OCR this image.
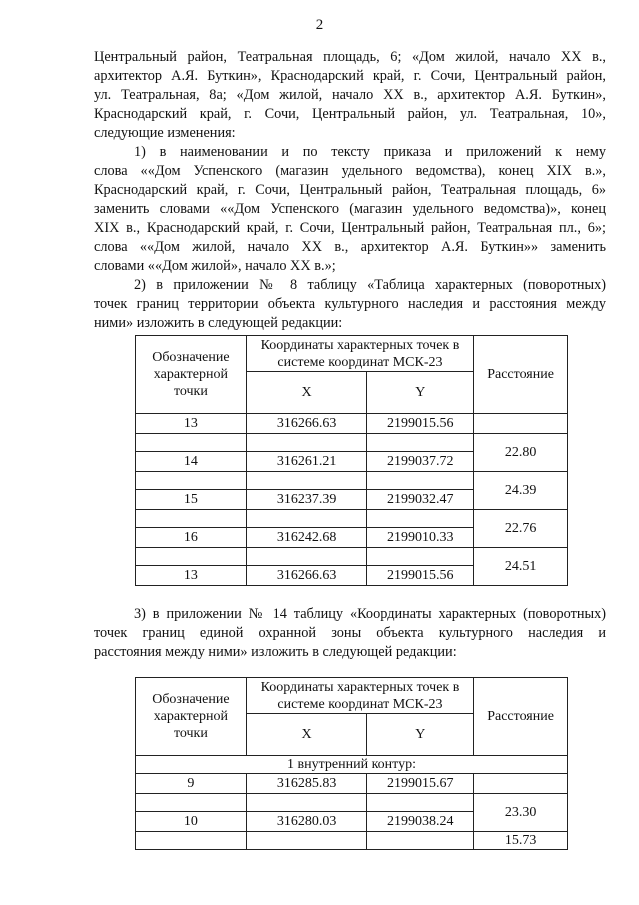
2
Центральный район, Театральная площадь, 6; «Дом жилой, начало XX в.,
архитектор А.Я. Буткин», Краснодарский край, г. Сочи, Центральный район,
ул. Театральная, 8а; «Дом жилой, начало XX в., архитектор А.Я. Буткин»,
Краснодарский край, г. Сочи, Центральный район, ул. Театральная, 10»,
следующие изменения:
1) в наименовании и по тексту приказа и приложений к нему
слова ««Дом Успенского (магазин удельного ведомства), конец XIX в.»,
Краснодарский край, г. Сочи, Центральный район, Театральная площадь, 6»
заменить словами ««Дом Успенского (магазин удельного ведомства)», конец
XIX в., Краснодарский край, г. Сочи, Центральный район, Театральная пл., 6»;
слова ««Дом жилой, начало XX в., архитектор А.Я. Буткин»» заменить
словами ««Дом жилой», начало XX в.»;
2) в приложении № 8 таблицу «Таблица характерных (поворотных)
точек границ территории объекта культурного наследия и расстояния между
ними» изложить в следующей редакции:
Обозначение характерной точки	Координаты характерных точек в системе координат МСК-23		Расстояние
	X	Y	
13	316266.63	2199015.56	
			22.80
14	316261.21	2199037.72	
			24.39
15	316237.39	2199032.47	
			22.76
16	316242.68	2199010.33	
			24.51
13	316266.63	2199015.56	
3) в приложении № 14 таблицу «Координаты характерных (поворотных)
точек границ единой охранной зоны объекта культурного наследия и
расстояния между ними» изложить в следующей редакции:
Обозначение характерной точки	Координаты характерных точек в системе координат МСК-23		Расстояние
	X	Y	
1 внутренний контур:			
9	316285.83	2199015.67	
			23.30
10	316280.03	2199038.24	
			15.73
